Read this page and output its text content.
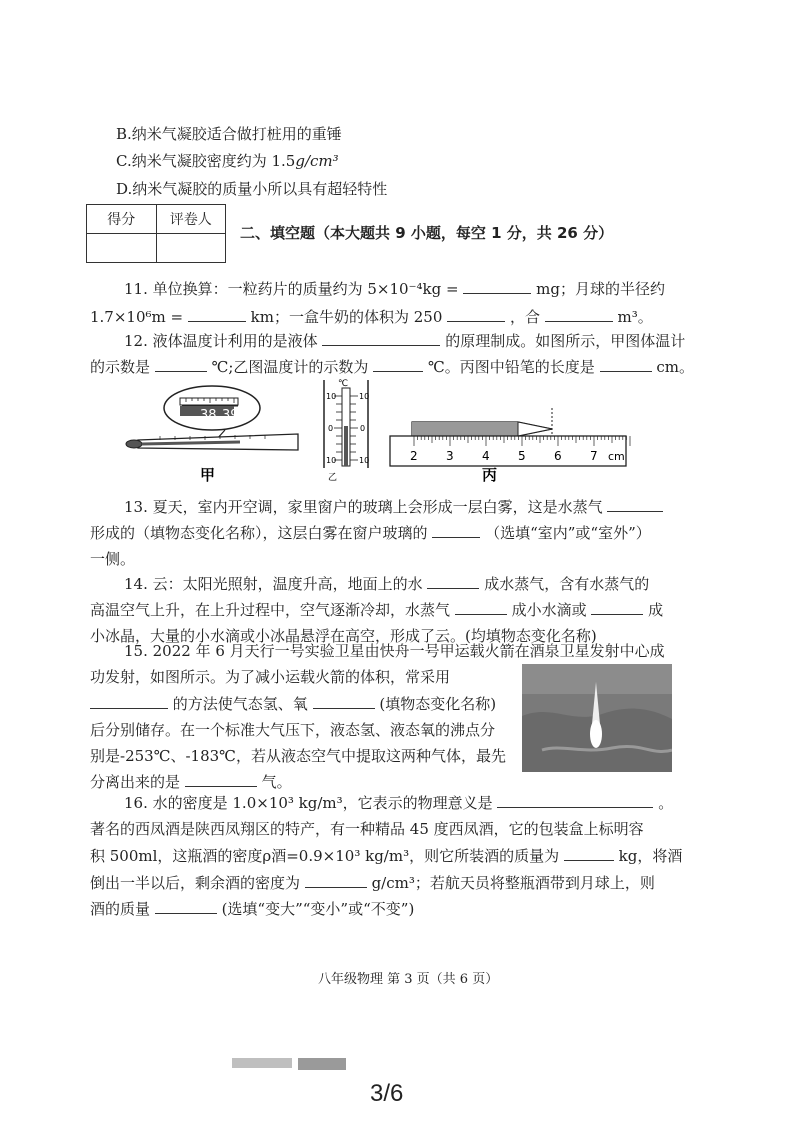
B.纳米气凝胶适合做打桩用的重锤
C.纳米气凝胶密度约为 1.5g/cm³
D.纳米气凝胶的质量小所以具有超轻特性
得分	评卷人

二、填空题（本大题共 9 小题，每空 1 分，共 26 分）
11. 单位换算：一粒药片的质量约为 5×10⁻⁴kg =	mg；月球的半径约
1.7×10⁶m =	km；一盒牛奶的体积为 250	，合	m³。
12. 液体温度计利用的是液体	的原理制成。如图所示，甲图体温计
的示数是	℃;乙图温度计的示数为	℃。丙图中铅笔的长度是	cm。
38 39
甲
℃
10	10
0	0
10	10
乙
2 3 4 5 6 7 cm
丙
13. 夏天，室内开空调，家里窗户的玻璃上会形成一层白雾，这是水蒸气
形成的（填物态变化名称），这层白雾在窗户玻璃的	（选填“室内”或“室外”）
一侧。
14. 云：太阳光照射，温度升高，地面上的水	成水蒸气，含有水蒸气的
高温空气上升，在上升过程中，空气逐渐冷却，水蒸气	成小水滴或	成
小冰晶，大量的小水滴或小冰晶悬浮在高空，形成了云。(均填物态变化名称)
15. 2022 年 6 月天行一号实验卫星由快舟一号甲运载火箭在酒泉卫星发射中心成
功发射，如图所示。为了减小运载火箭的体积，常采用
的方法使气态氢、氧	(填物态变化名称)
后分别储存。在一个标准大气压下，液态氢、液态氧的沸点分
别是-253℃、-183℃，若从液态空气中提取这两种气体，最先
分离出来的是	气。
16. 水的密度是 1.0×10³ kg/m³，它表示的物理意义是	。
著名的西凤酒是陕西凤翔区的特产，有一种精品 45 度西凤酒，它的包装盒上标明容
积 500ml，这瓶酒的密度ρ酒=0.9×10³ kg/m³，则它所装酒的质量为	kg，将酒
倒出一半以后，剩余酒的密度为	g/cm³；若航天员将整瓶酒带到月球上，则
酒的质量	(选填“变大”“变小”或“不变”)
八年级物理 第 3 页（共 6 页）
3/6
